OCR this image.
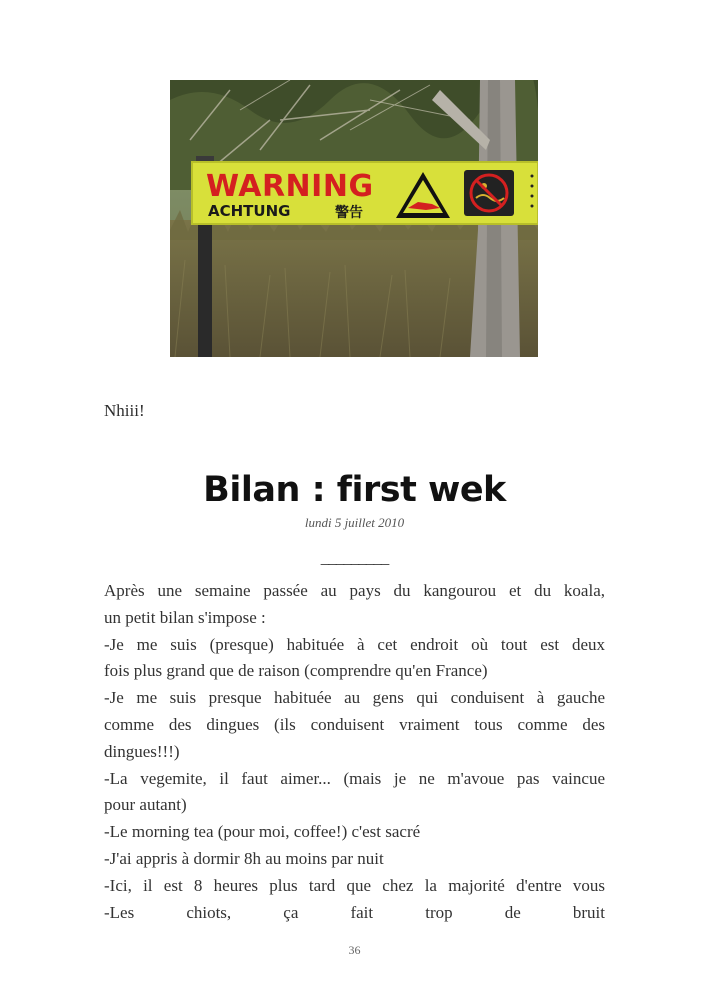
WARNING
ACHTUNG	警告
Nhiii!
Bilan : first wek
lundi 5 juillet 2010
_________
Après une semaine passée au pays du kangourou et du koala,
un petit bilan s'impose :
-Je me suis (presque) habituée à cet endroit où tout est deux
fois plus grand que de raison (comprendre qu'en France)
-Je me suis presque habituée au gens qui conduisent à gauche
comme des dingues (ils conduisent vraiment tous comme des
dingues!!!)
-La vegemite, il faut aimer... (mais je ne m'avoue pas vaincue
pour autant)
-Le morning tea (pour moi, coffee!) c'est sacré
-J'ai appris à dormir 8h au moins par nuit
-Ici, il est 8 heures plus tard que chez la majorité d'entre vous
-Les chiots, ça fait trop de bruit
36
